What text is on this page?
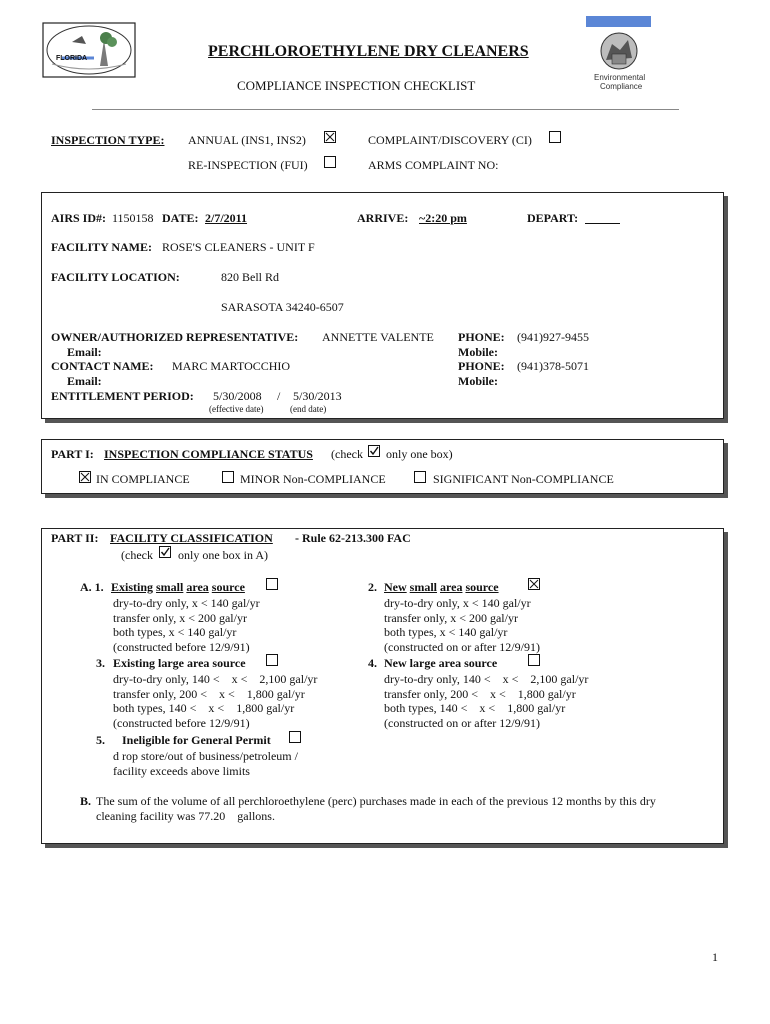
FLORIDA
Environmental
Compliance
PERCHLOROETHYLENE DRY CLEANERS
COMPLIANCE INSPECTION CHECKLIST
INSPECTION TYPE: ANNUAL (INS1, INS2)	COMPLAINT/DISCOVERY (CI)
RE-INSPECTION (FUI)	ARMS COMPLAINT NO:
AIRS ID#: 1150158 DATE: 2/7/2011	ARRIVE: ~2:20 pm	DEPART:
FACILITY NAME: ROSE'S CLEANERS - UNIT F
FACILITY LOCATION:	820 Bell Rd
SARASOTA 34240-6507
OWNER/AUTHORIZED REPRESENTATIVE: ANNETTE VALENTE PHONE: (941)927-9455
Email:	Mobile:
CONTACT NAME: MARC MARTOCCHIO	PHONE: (941)378-5071
Email:	Mobile:
ENTITLEMENT PERIOD: 5/30/2008 / 5/30/2013
(effective date)	(end date)
PART I: INSPECTION COMPLIANCE STATUS (check only one box)
IN COMPLIANCE	MINOR Non-COMPLIANCE	SIGNIFICANT Non-COMPLIANCE
PART II: FACILITY CLASSIFICATION - Rule 62-213.300 FAC
(check only one box in A)
A. 1. Existing small area source
dry-to-dry only, x < 140 gal/yr
transfer only, x < 200 gal/yr
both types, x < 140 gal/yr
(constructed before 12/9/91)
2. New small area source
dry-to-dry only, x < 140 gal/yr
transfer only, x < 200 gal/yr
both types, x < 140 gal/yr
(constructed on or after 12/9/91)
3. Existing large area source
dry-to-dry only, 140 <    x <    2,100 gal/yr
transfer only, 200 <    x <    1,800 gal/yr
both types, 140 <    x <    1,800 gal/yr
(constructed before 12/9/91)
4. New large area source
dry-to-dry only, 140 <    x <    2,100 gal/yr
transfer only, 200 <    x <    1,800 gal/yr
both types, 140 <    x <    1,800 gal/yr
(constructed on or after 12/9/91)
5. Ineligible for General Permit
d rop store/out of business/petroleum /
facility exceeds above limits
B. The sum of the volume of all perchloroethylene (perc) purchases made in each of the previous 12 months by this dry
cleaning facility was 77.20    gallons.
1
